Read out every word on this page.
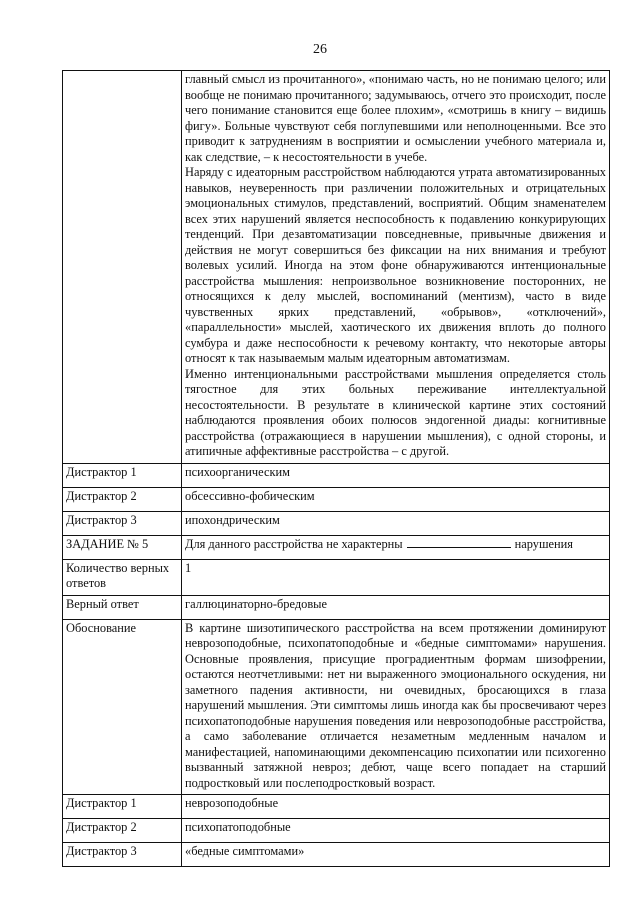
26

	главный смысл из прочитанного», «понимаю часть, но не понимаю целого; или вообще не понимаю прочитанного; задумываюсь, отчего это происходит, после чего понимание становится еще более плохим», «смотришь в книгу – видишь фигу». Больные чувствуют себя поглупевшими или неполноценными. Все это приводит к затруднениям в восприятии и осмыслении учебного материала и, как следствие, – к несостоятельности в учебе.

Наряду с идеаторным расстройством наблюдаются утрата автоматизированных навыков, неуверенность при различении положительных и отрицательных эмоциональных стимулов, представлений, восприятий. Общим знаменателем всех этих нарушений является неспособность к подавлению конкурирующих тенденций. При дезавтоматизации повседневные, привычные движения и действия не могут совершиться без фиксации на них внимания и требуют волевых усилий. Иногда на этом фоне обнаруживаются интенциональные расстройства мышления: непроизвольное возникновение посторонних, не относящихся к делу мыслей, воспоминаний (ментизм), часто в виде чувственных ярких представлений, «обрывов», «отключений», «параллельности» мыслей, хаотического их движения вплоть до полного сумбура и даже неспособности к речевому контакту, что некоторые авторы относят к так называемым малым идеаторным автоматизмам.

Именно интенциональными расстройствами мышления определяется столь тягостное для этих больных переживание интеллектуальной несостоятельности. В результате в клинической картине этих состояний наблюдаются проявления обоих полюсов эндогенной диады: когнитивные расстройства (отражающиеся в нарушении мышления), с одной стороны, и атипичные аффективные расстройства – с другой.

Дистрактор 1	психоорганическим
Дистрактор 2	обсессивно-фобическим
Дистрактор 3	ипохондрическим
ЗАДАНИЕ № 5	Для данного расстройства не характерны нарушения
Количество верных ответов	1
Верный ответ	галлюцинаторно-бредовые
Обоснование	В картине шизотипического расстройства на всем протяжении доминируют неврозоподобные, психопатоподобные и «бедные симптомами» нарушения. Основные проявления, присущие проградиентным формам шизофрении, остаются неотчетливыми: нет ни выраженного эмоционального оскудения, ни заметного падения активности, ни очевидных, бросающихся в глаза нарушений мышления. Эти симптомы лишь иногда как бы просвечивают через психопатоподобные нарушения поведения или неврозоподобные расстройства, а само заболевание отличается незаметным медленным началом и манифестацией, напоминающими декомпенсацию психопатии или психогенно вызванный затяжной невроз; дебют, чаще всего попадает на старший подростковый или послеподростковый возраст.
Дистрактор 1	неврозоподобные
Дистрактор 2	психопатоподобные
Дистрактор 3	«бедные симптомами»
